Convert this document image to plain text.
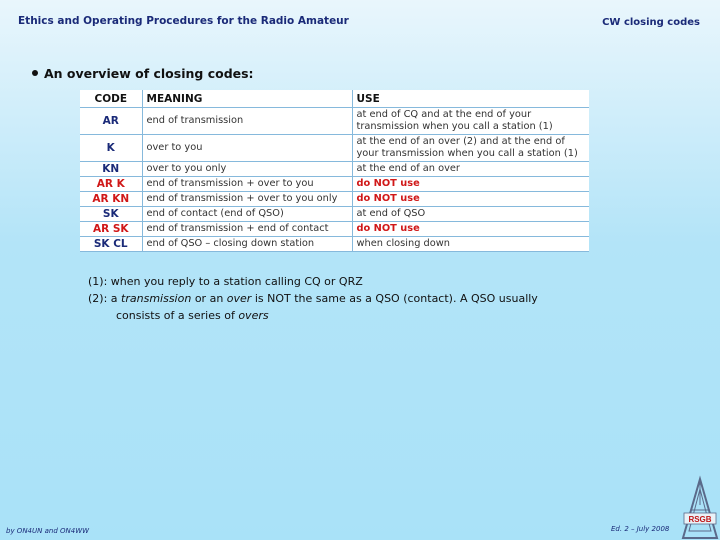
Ethics and Operating Procedures for the Radio Amateur	CW closing codes
An overview of closing codes:
CODE	MEANING	USE
AR	end of transmission	at end of CQ and at the end of your transmission when you call a station (1)
K	over to you	at the end of an over (2) and at the end of your transmission when you call a station (1)
KN	over to you only	at the end of an over
AR K	end of transmission + over to you	do NOT use
AR KN	end of transmission + over to you only	do NOT use
SK	end of contact (end of QSO)	at end of QSO
AR SK	end of transmission + end of contact	do NOT use
SK CL	end of QSO – closing down station	when closing down
(1): when you reply to a station calling CQ or QRZ
(2): a transmission or an over is NOT the same as a QSO (contact). A QSO usually
consists of a series of overs
by ON4UN and ON4WW	Ed. 2 – July 2008
RSGB
